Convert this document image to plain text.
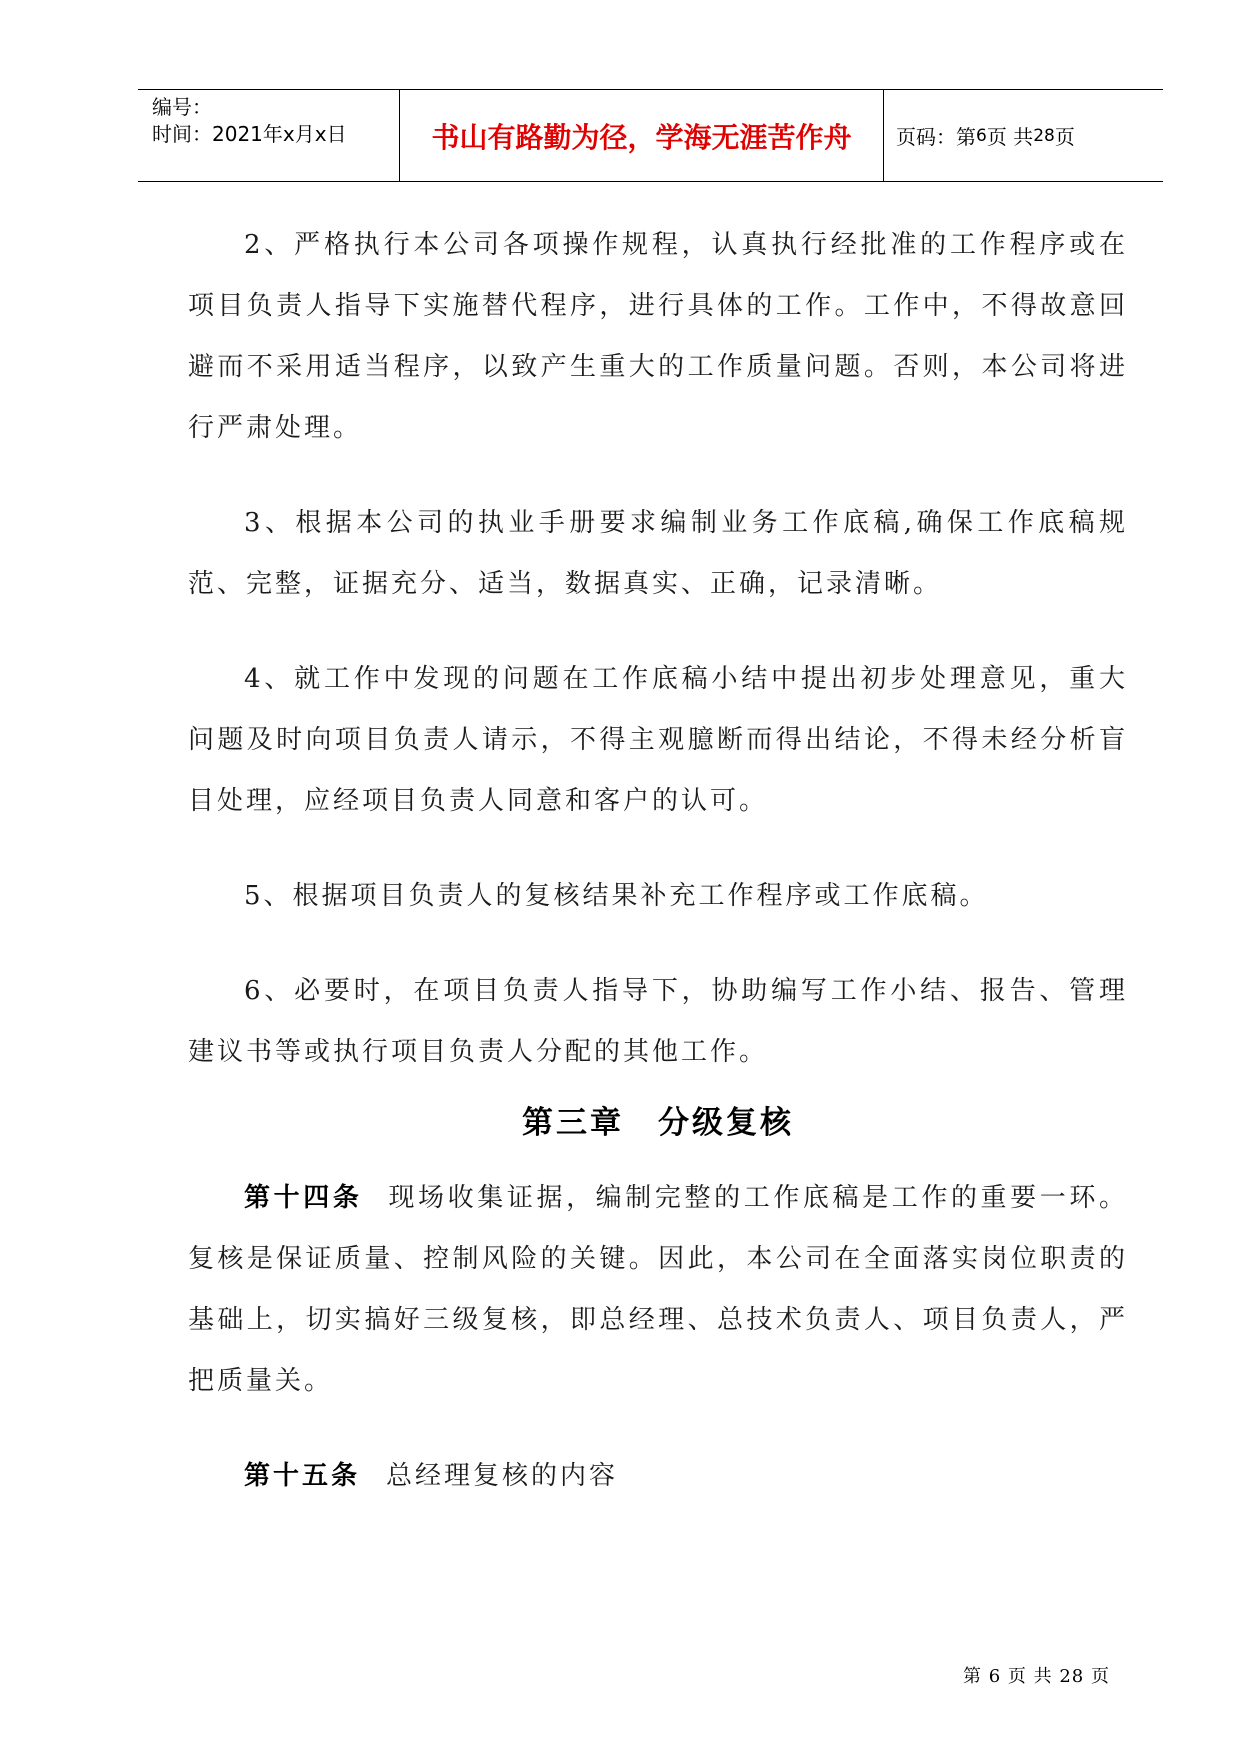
编号：
时间：2021年x月x日	书山有路勤为径，学海无涯苦作舟	页码：第 6 页 共 28 页

2、严格执行本公司各项操作规程，认真执行经批准的工作程序或在项目负责人指导下实施替代程序，进行具体的工作。工作中，不得故意回避而不采用适当程序，以致产生重大的工作质量问题。否则，本公司将进行严肃处理。

3、根据本公司的执业手册要求编制业务工作底稿,确保工作底稿规范、完整，证据充分、适当，数据真实、正确，记录清晰。

4、就工作中发现的问题在工作底稿小结中提出初步处理意见，重大问题及时向项目负责人请示，不得主观臆断而得出结论，不得未经分析盲目处理，应经项目负责人同意和客户的认可。

5、根据项目负责人的复核结果补充工作程序或工作底稿。

6、必要时，在项目负责人指导下，协助编写工作小结、报告、管理建议书等或执行项目负责人分配的其他工作。

第三章　分级复核

第十四条 现场收集证据，编制完整的工作底稿是工作的重要一环。复核是保证质量、控制风险的关键。因此，本公司在全面落实岗位职责的基础上，切实搞好三级复核，即总经理、总技术负责人、项目负责人，严把质量关。

第十五条 总经理复核的内容

第 6 页 共 28 页
